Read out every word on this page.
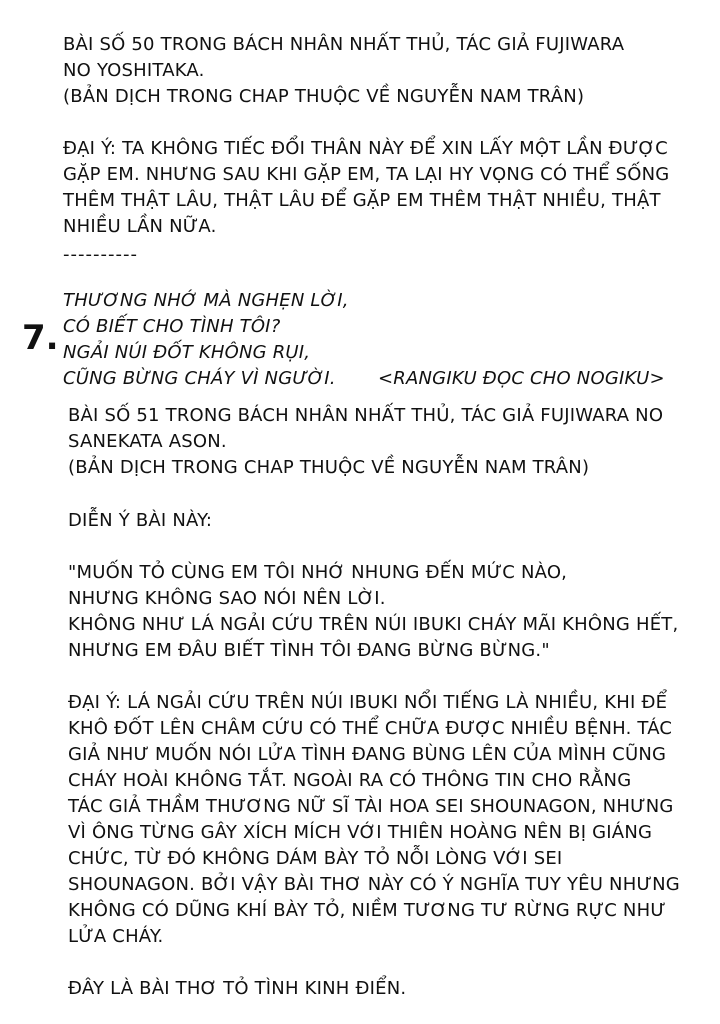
BÀI SỐ 50 TRONG BÁCH NHÂN NHẤT THỦ, TÁC GIẢ FUJIWARA
NO YOSHITAKA.
(BẢN DỊCH TRONG CHAP THUỘC VỀ NGUYỄN NAM TRÂN)
ĐẠI Ý: TA KHÔNG TIẾC ĐỔI THÂN NÀY ĐỂ XIN LẤY MỘT LẦN ĐƯỢC
GẶP EM. NHƯNG SAU KHI GẶP EM, TA LẠI HY VỌNG CÓ THỂ SỐNG
THÊM THẬT LÂU, THẬT LÂU ĐỂ GẶP EM THÊM THẬT NHIỀU, THẬT
NHIỀU LẦN NỮA.
----------
7.
THƯƠNG NHỚ MÀ NGHẸN LỜI,
CÓ BIẾT CHO TÌNH TÔI?
NGẢI NÚI ĐỐT KHÔNG RỤI,
CŨNG BỪNG CHÁY VÌ NGƯỜI. <RANGIKU ĐỌC CHO NOGIKU>
BÀI SỐ 51 TRONG BÁCH NHÂN NHẤT THỦ, TÁC GIẢ FUJIWARA NO
SANEKATA ASON.
(BẢN DỊCH TRONG CHAP THUỘC VỀ NGUYỄN NAM TRÂN)
DIỄN Ý BÀI NÀY:
"MUỐN TỎ CÙNG EM TÔI NHỚ NHUNG ĐẾN MỨC NÀO,
NHƯNG KHÔNG SAO NÓI NÊN LỜI.
KHÔNG NHƯ LÁ NGẢI CỨU TRÊN NÚI IBUKI CHÁY MÃI KHÔNG HẾT,
NHƯNG EM ĐÂU BIẾT TÌNH TÔI ĐANG BỪNG BỪNG."
ĐẠI Ý: LÁ NGẢI CỨU TRÊN NÚI IBUKI NỔI TIẾNG LÀ NHIỀU, KHI ĐỂ
KHÔ ĐỐT LÊN CHÂM CỨU CÓ THỂ CHỮA ĐƯỢC NHIỀU BỆNH. TÁC
GIẢ NHƯ MUỐN NÓI LỬA TÌNH ĐANG BÙNG LÊN CỦA MÌNH CŨNG
CHÁY HOÀI KHÔNG TẮT. NGOÀI RA CÓ THÔNG TIN CHO RẰNG
TÁC GIẢ THẦM THƯƠNG NỮ SĨ TÀI HOA SEI SHOUNAGON, NHƯNG
VÌ ÔNG TỪNG GÂY XÍCH MÍCH VỚI THIÊN HOÀNG NÊN BỊ GIÁNG
CHỨC, TỪ ĐÓ KHÔNG DÁM BÀY TỎ NỖI LÒNG VỚI SEI
SHOUNAGON. BỞI VẬY BÀI THƠ NÀY CÓ Ý NGHĨA TUY YÊU NHƯNG
KHÔNG CÓ DŨNG KHÍ BÀY TỎ, NIỀM TƯƠNG TƯ RỪNG RỰC NHƯ
LỬA CHÁY.
ĐÂY LÀ BÀI THƠ TỎ TÌNH KINH ĐIỂN.
